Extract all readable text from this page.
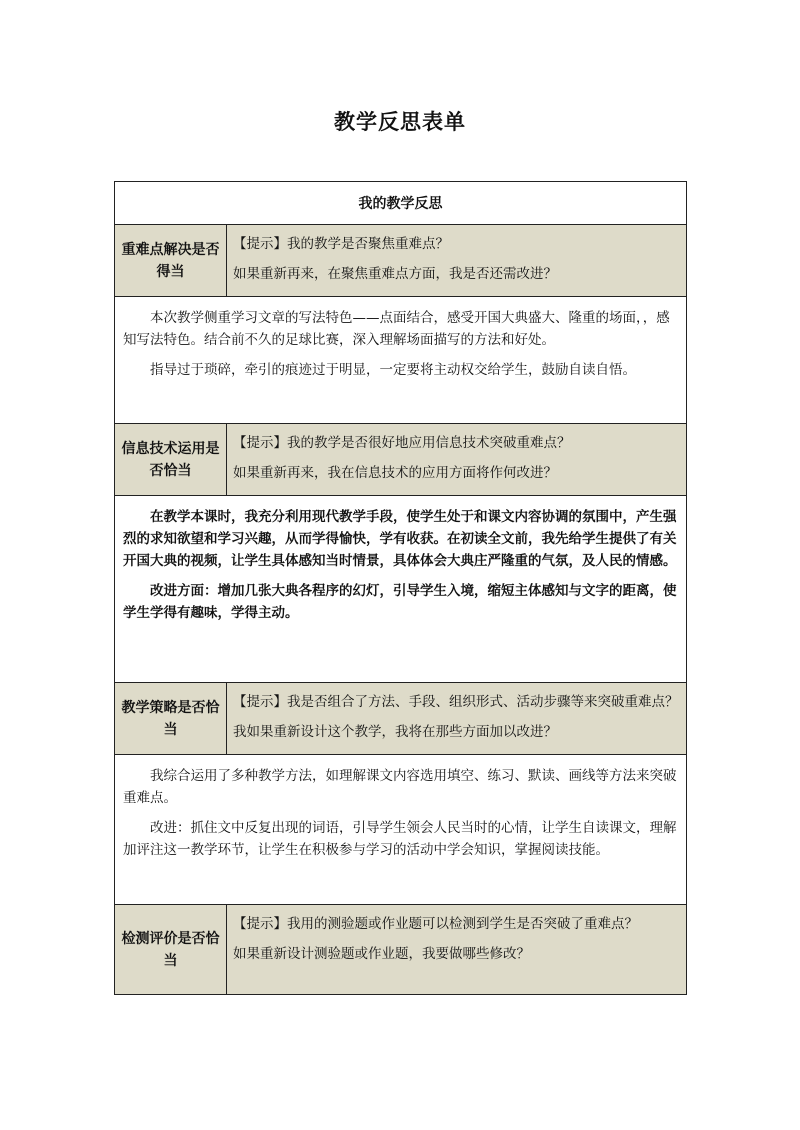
教学反思表单
我的教学反思	
重难点解决是否得当	【提示】我的教学是否聚焦重难点？
如果重新再来，在聚焦重难点方面，我是否还需改进？

本次教学侧重学习文章的写法特色——点面结合，感受开国大典盛大、隆重的场面，，感知写法特色。结合前不久的足球比赛，深入理解场面描写的方法和好处。

指导过于琐碎，牵引的痕迹过于明显，一定要将主动权交给学生，鼓励自读自悟。	

信息技术运用是否恰当	【提示】我的教学是否很好地应用信息技术突破重难点？
如果重新再来，我在信息技术的应用方面将作何改进？

在教学本课时，我充分利用现代教学手段，使学生处于和课文内容协调的氛围中，产生强烈的求知欲望和学习兴趣，从而学得愉快，学有收获。在初读全文前，我先给学生提供了有关开国大典的视频，让学生具体感知当时情景，具体体会大典庄严隆重的气氛，及人民的情感。

改进方面：增加几张大典各程序的幻灯，引导学生入境，缩短主体感知与文字的距离，使学生学得有趣味，学得主动。	

教学策略是否恰当	【提示】我是否组合了方法、手段、组织形式、活动步骤等来突破重难点？
我如果重新设计这个教学，我将在那些方面加以改进？

我综合运用了多种教学方法，如理解课文内容选用填空、练习、默读、画线等方法来突破重难点。

改进：抓住文中反复出现的词语，引导学生领会人民当时的心情，让学生自读课文，理解加评注这一教学环节，让学生在积极参与学习的活动中学会知识，掌握阅读技能。	

检测评价是否恰当	【提示】我用的测验题或作业题可以检测到学生是否突破了重难点？
如果重新设计测验题或作业题，我要做哪些修改？
